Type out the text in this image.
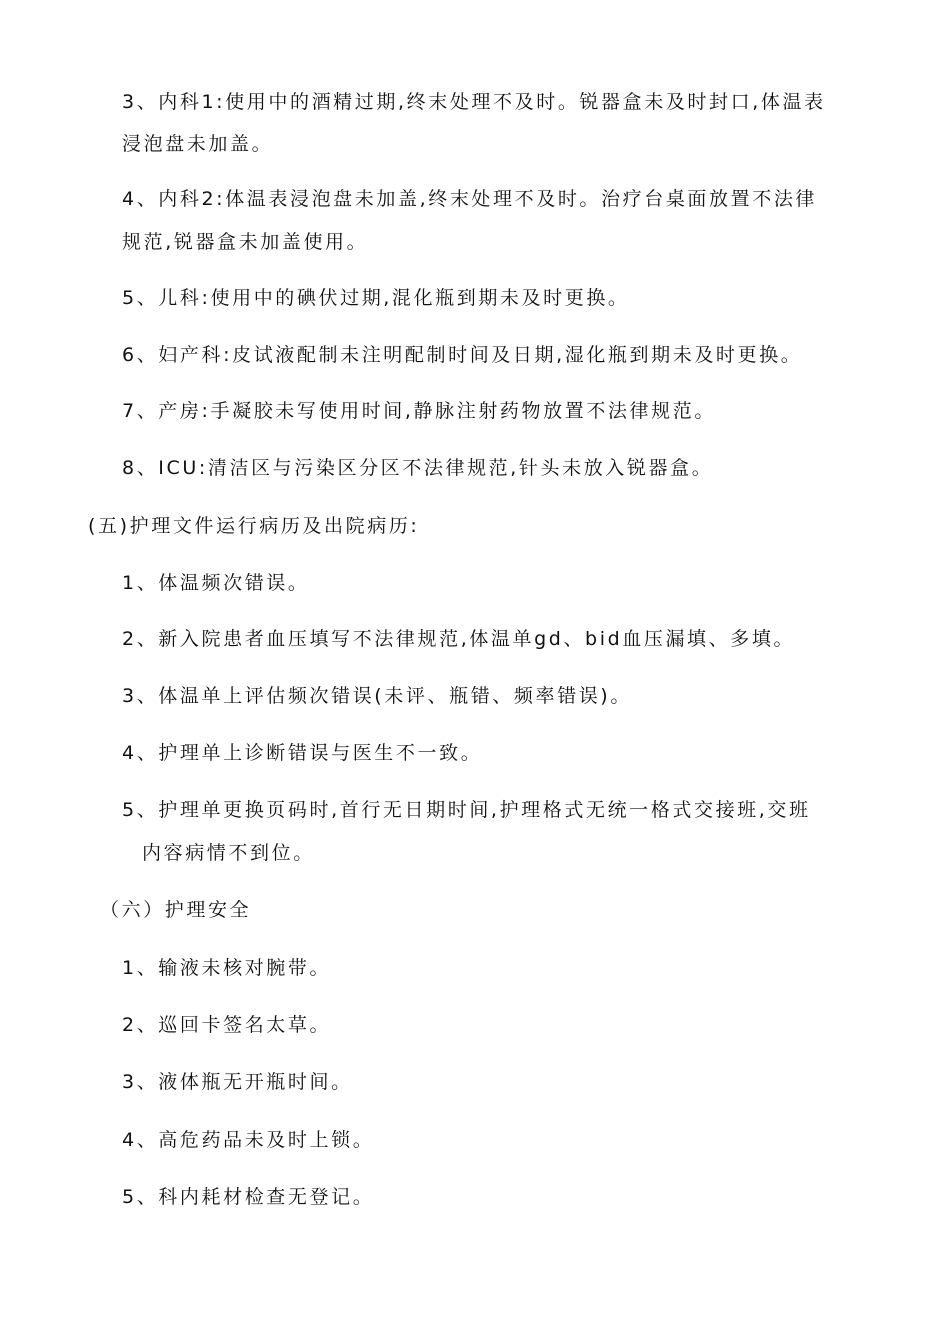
3、内科1:使用中的酒精过期,终末处理不及时。锐器盒未及时封口,体温表
浸泡盘未加盖。
4、内科2:体温表浸泡盘未加盖,终末处理不及时。治疗台桌面放置不法律
规范,锐器盒未加盖使用。
5、儿科:使用中的碘伏过期,混化瓶到期未及时更换。
6、妇产科:皮试液配制未注明配制时间及日期,湿化瓶到期未及时更换。
7、产房:手凝胶未写使用时间,静脉注射药物放置不法律规范。
8、ICU:清洁区与污染区分区不法律规范,针头未放入锐器盒。
(五)护理文件运行病历及出院病历:
1、体温频次错误。
2、新入院患者血压填写不法律规范,体温单gd、bid血压漏填、多填。
3、体温单上评估频次错误(未评、瓶错、频率错误)。
4、护理单上诊断错误与医生不一致。
5、护理单更换页码时,首行无日期时间,护理格式无统一格式交接班,交班
内容病情不到位。
（六）护理安全
1、输液未核对腕带。
2、巡回卡签名太草。
3、液体瓶无开瓶时间。
4、高危药品未及时上锁。
5、科内耗材检查无登记。
